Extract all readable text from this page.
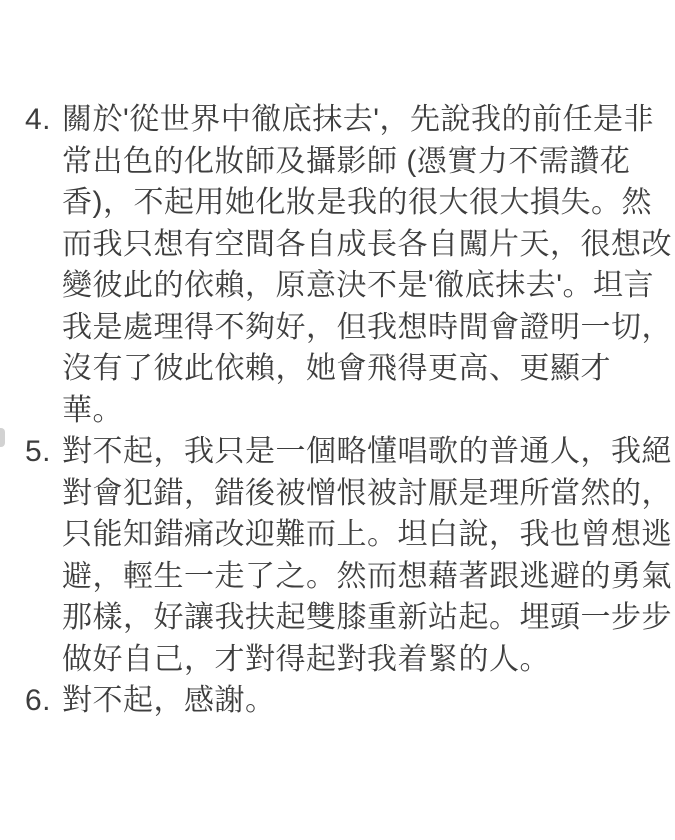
4. 關於'從世界中徹底抹去'，先說我的前任是非
常出色的化妝師及攝影師 (憑實力不需讚花
香)，不起用她化妝是我的很大很大損失。然
而我只想有空間各自成長各自闖片天，很想改
變彼此的依賴，原意決不是'徹底抹去'。坦言
我是處理得不夠好，但我想時間會證明一切，
沒有了彼此依賴，她會飛得更高、更顯才
華。
5. 對不起，我只是一個略懂唱歌的普通人，我絕
對會犯錯，錯後被憎恨被討厭是理所當然的，
只能知錯痛改迎難而上。坦白說，我也曾想逃
避，輕生一走了之。然而想藉著跟逃避的勇氣
那樣，好讓我扶起雙膝重新站起。埋頭一步步
做好自己，才對得起對我着緊的人。
6. 對不起，感謝。
